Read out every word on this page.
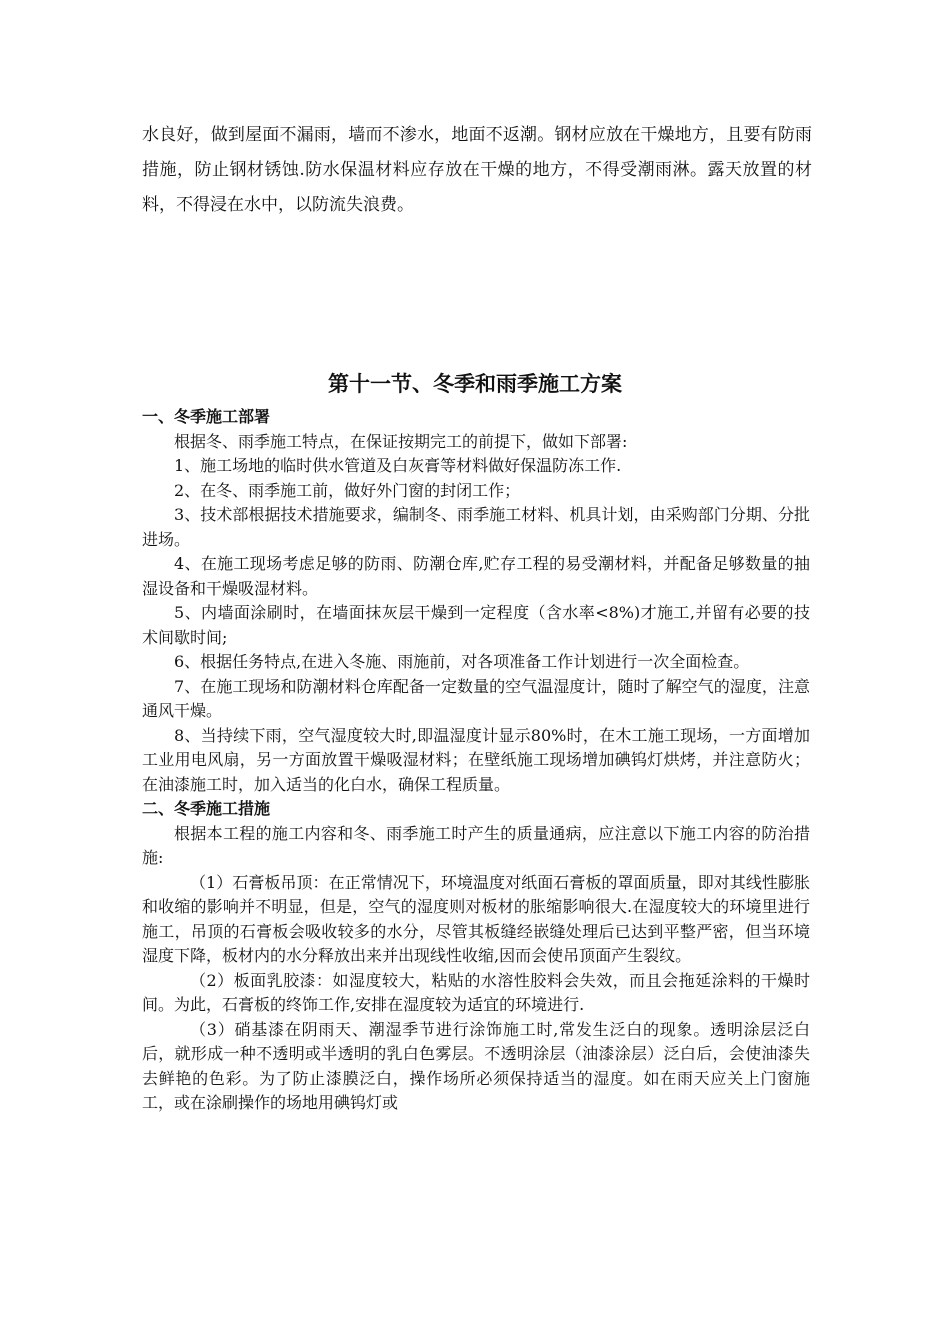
水良好，做到屋面不漏雨，墙而不渗水，地面不返潮。钢材应放在干燥地方，且要有防雨措施，防止钢材锈蚀.防水保温材料应存放在干燥的地方，不得受潮雨淋。露天放置的材料，不得浸在水中，以防流失浪费。

第十一节、冬季和雨季施工方案
一、冬季施工部署

根据冬、雨季施工特点，在保证按期完工的前提下，做如下部署:

1、施工场地的临时供水管道及白灰膏等材料做好保温防冻工作.

2、在冬、雨季施工前，做好外门窗的封闭工作；

3、技术部根据技术措施要求，编制冬、雨季施工材料、机具计划，由采购部门分期、分批进场。

4、在施工现场考虑足够的防雨、防潮仓库,贮存工程的易受潮材料，并配备足够数量的抽湿设备和干燥吸湿材料。

5、内墙面涂刷时，在墙面抹灰层干燥到一定程度（含水率<8%)才施工,并留有必要的技术间歇时间;

6、根据任务特点,在进入冬施、雨施前，对各项准备工作计划进行一次全面检查。

7、在施工现场和防潮材料仓库配备一定数量的空气温湿度计，随时了解空气的湿度，注意通风干燥。

8、当持续下雨，空气湿度较大时,即温湿度计显示80%时，在木工施工现场，一方面增加工业用电风扇，另一方面放置干燥吸湿材料；在壁纸施工现场增加碘钨灯烘烤，并注意防火；在油漆施工时，加入适当的化白水，确保工程质量。

二、冬季施工措施

根据本工程的施工内容和冬、雨季施工时产生的质量通病，应注意以下施工内容的防治措施:

（1）石膏板吊顶：在正常情况下，环境温度对纸面石膏板的罩面质量，即对其线性膨胀和收缩的影响并不明显，但是，空气的湿度则对板材的胀缩影响很大.在湿度较大的环境里进行施工，吊顶的石膏板会吸收较多的水分，尽管其板缝经嵌缝处理后已达到平整严密，但当环境湿度下降，板材内的水分释放出来并出现线性收缩,因而会使吊顶面产生裂纹。

（2）板面乳胶漆：如湿度较大，粘贴的水溶性胶料会失效，而且会拖延涂料的干燥时间。为此，石膏板的终饰工作,安排在湿度较为适宜的环境进行.

（3）硝基漆在阴雨天、潮湿季节进行涂饰施工时,常发生泛白的现象。透明涂层泛白后，就形成一种不透明或半透明的乳白色雾层。不透明涂层（油漆涂层）泛白后，会使油漆失去鲜艳的色彩。为了防止漆膜泛白，操作场所必须保持适当的湿度。如在雨天应关上门窗施工，或在涂刷操作的场地用碘钨灯或
